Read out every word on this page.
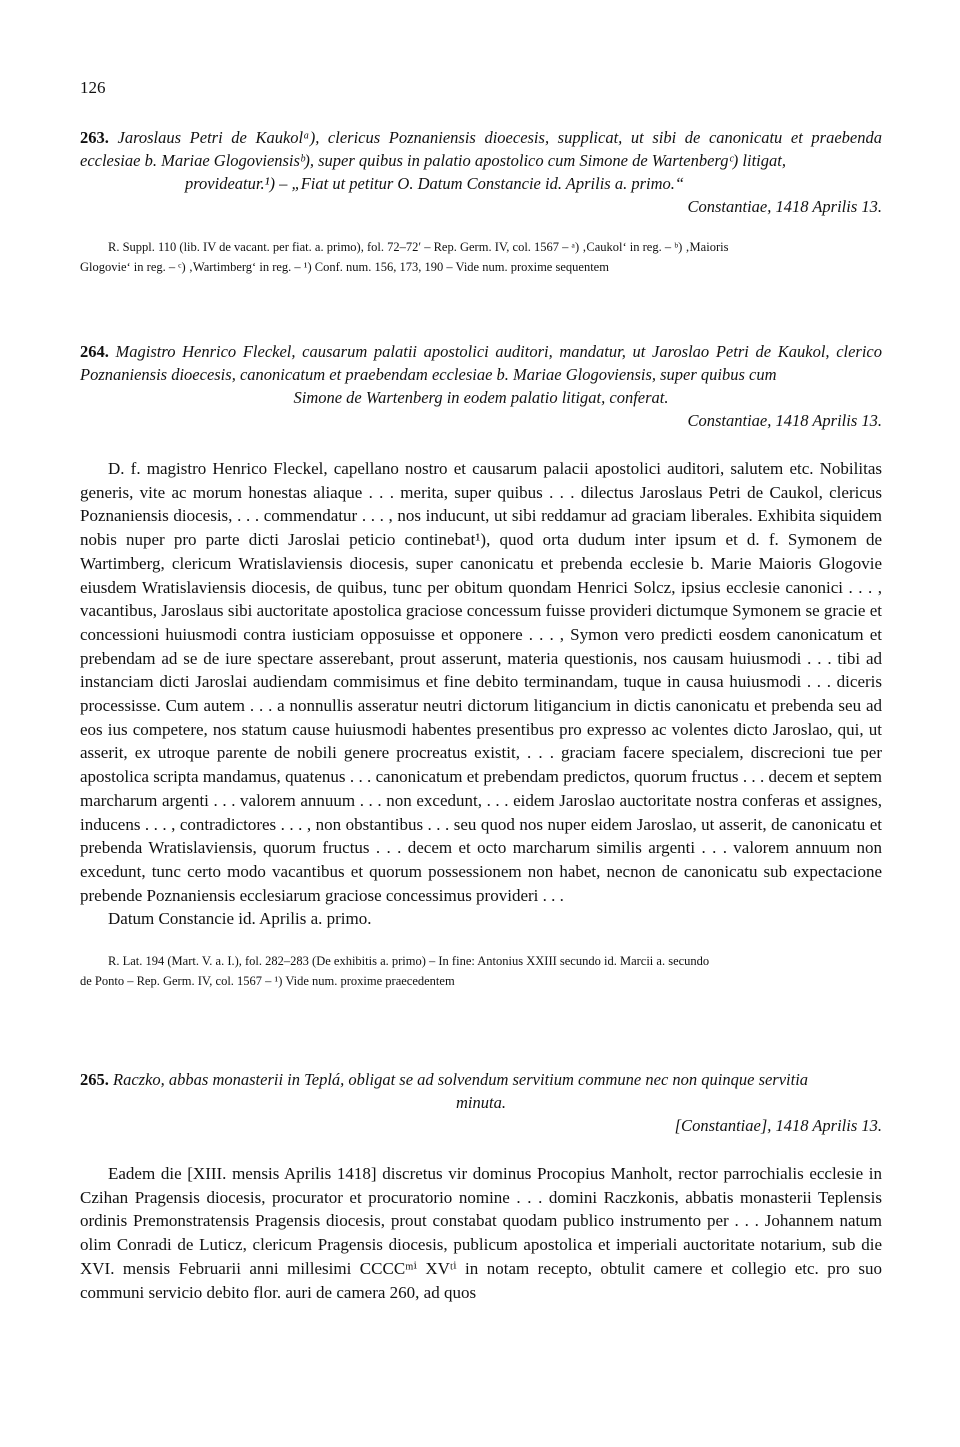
126
263. Jaroslaus Petri de Kaukolᵃ), clericus Poznaniensis dioecesis, supplicat, ut sibi de canonicatu et praebenda ecclesiae b. Mariae Glogoviensisᵇ), super quibus in palatio apostolico cum Simone de Wartenbergᶜ) litigat,
provideatur.¹) – „Fiat ut petitur O. Datum Constancie id. Aprilis a. primo.“
Constantiae, 1418 Aprilis 13.
R. Suppl. 110 (lib. IV de vacant. per fiat. a. primo), fol. 72–72′ – Rep. Germ. IV, col. 1567 – ᵃ) ‚Caukol‘ in reg. – ᵇ) ‚Maioris
Glogovie‘ in reg. – ᶜ) ‚Wartimberg‘ in reg. – ¹) Conf. num. 156, 173, 190 – Vide num. proxime sequentem
264. Magistro Henrico Fleckel, causarum palatii apostolici auditori, mandatur, ut Jaroslao Petri de Kaukol, clerico Poznaniensis dioecesis, canonicatum et praebendam ecclesiae b. Mariae Glogoviensis, super quibus cum
Simone de Wartenberg in eodem palatio litigat, conferat.
Constantiae, 1418 Aprilis 13.

D. f. magistro Henrico Fleckel, capellano nostro et causarum palacii apostolici auditori, salutem etc. Nobilitas generis, vite ac morum honestas aliaque . . . merita, super quibus . . . dilectus Jaroslaus Petri de Caukol, clericus Poznaniensis diocesis, . . . commendatur . . . , nos inducunt, ut sibi reddamur ad graciam liberales. Exhibita siquidem nobis nuper pro parte dicti Jaroslai peticio continebat¹), quod orta dudum inter ipsum et d. f. Symonem de Wartimberg, clericum Wratislaviensis diocesis, super canonicatu et prebenda ecclesie b. Marie Maioris Glogovie eiusdem Wratislaviensis diocesis, de quibus, tunc per obitum quondam Henrici Solcz, ipsius ecclesie canonici . . . , vacantibus, Jaroslaus sibi auctoritate apostolica graciose concessum fuisse provideri dictumque Symonem se gracie et concessioni huiusmodi contra iusticiam opposuisse et opponere . . . , Symon vero predicti eosdem canonicatum et prebendam ad se de iure spectare asserebant, prout asserunt, materia questionis, nos causam huiusmodi . . . tibi ad instanciam dicti Jaroslai audiendam commisimus et fine debito terminandam, tuque in causa huiusmodi . . . diceris processisse. Cum autem . . . a nonnullis asseratur neutri dictorum litigancium in dictis canonicatu et prebenda seu ad eos ius competere, nos statum cause huiusmodi habentes presentibus pro expresso ac volentes dicto Jaroslao, qui, ut asserit, ex utroque parente de nobili genere procreatus existit, . . . graciam facere specialem, discrecioni tue per apostolica scripta mandamus, quatenus . . . canonicatum et prebendam predictos, quorum fructus . . . decem et septem marcharum argenti . . . valorem annuum . . . non excedunt, . . . eidem Jaroslao auctoritate nostra conferas et assignes, inducens . . . , contradictores . . . , non obstantibus . . . seu quod nos nuper eidem Jaroslao, ut asserit, de canonicatu et prebenda Wratislaviensis, quorum fructus . . . decem et octo marcharum similis argenti . . . valorem annuum non excedunt, tunc certo modo vacantibus et quorum possessionem non habet, necnon de canonicatu sub expectacione prebende Poznaniensis ecclesiarum graciose concessimus provideri . . .

Datum Constancie id. Aprilis a. primo.

R. Lat. 194 (Mart. V. a. I.), fol. 282–283 (De exhibitis a. primo) – In fine: Antonius XXIII secundo id. Marcii a. secundo
de Ponto – Rep. Germ. IV, col. 1567 – ¹) Vide num. proxime praecedentem
265. Raczko, abbas monasterii in Teplá, obligat se ad solvendum servitium commune nec non quinque servitia
minuta.
[Constantiae], 1418 Aprilis 13.

Eadem die [XIII. mensis Aprilis 1418] discretus vir dominus Procopius Manholt, rector parrochialis ecclesie in Czihan Pragensis diocesis, procurator et procuratorio nomine . . . domini Raczkonis, abbatis monasterii Teplensis ordinis Premonstratensis Pragensis diocesis, prout constabat quodam publico instrumento per . . . Johannem natum olim Conradi de Luticz, clericum Pragensis diocesis, publicum apostolica et imperiali auctoritate notarium, sub die XVI. mensis Februarii anni millesimi CCCCᵐⁱ XVᵗⁱ in notam recepto, obtulit camere et collegio etc. pro suo communi servicio debito flor. auri de camera 260, ad quos
